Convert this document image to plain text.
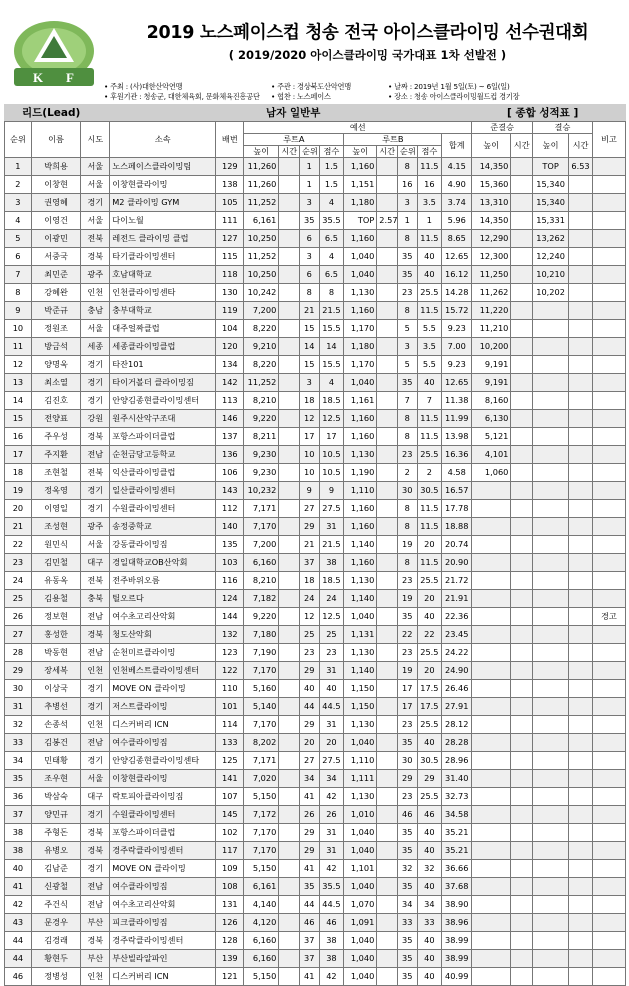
K F
2019 노스페이스컵 청송 전국 아이스클라이밍 선수권대회
( 2019/2020 아이스클라이밍 국가대표 1차 선발전 )
• 주최 : (사)대한산악연맹	• 주관 : 경상북도산악연맹	• 날짜 : 2019년 1월 5일(토) ~ 6일(일)
• 후원기관 : 청송군, 대한체육회, 문화체육진흥공단 • 협찬 : 노스페이스	• 장소 : 청송 아이스클라이밍월드컵 경기장
리드(Lead)	남자 일반부	[ 종합 성적표 ]
순위	이름	시도	소속	배번	예선									준결승		결승		비고
					루트A				루트B				합계	높이	시간	높이	시간	
					높이	시간	순위	점수	높이	시간	순위	점수						
1	박희용	서울	노스페이스클라이밍팀	129	11,260		1	1.5	1,160		8	11.5	4.15	14,350		TOP	6.53	
2	이창현	서울	이창현클라이밍	138	11,260		1	1.5	1,151		16	16	4.90	15,360		15,340		
3	권영혜	경기	M2 클라이밍 GYM	105	11,252		3	4	1,180		3	3.5	3.74	13,310		15,340		
4	이영건	서울	다이노월	111	6,161		35	35.5	TOP	2.57	1	1	5.96	14,350		15,331		
5	이광민	전북	레전드 클라이밍 클럽	127	10,250		6	6.5	1,160		8	11.5	8.65	12,290		13,262		
6	서중국	경북	타기클라이밍센터	115	11,252		3	4	1,040		35	40	12.65	12,300		12,240		
7	최민준	광주	호남대학교	118	10,250		6	6.5	1,040		35	40	16.12	11,250		10,210		
8	강혜완	인천	인천클라이밍센타	130	10,242		8	8	1,130		23	25.5	14.28	11,262		10,202		
9	박준규	충남	충부대학교	119	7,200		21	21.5	1,160		8	11.5	15.72	11,220				
10	정원조	서울	대주얼짜클럽	104	8,220		15	15.5	1,170		5	5.5	9.23	11,210				
11	방금석	세종	세종클라이밍클럽	120	9,210		14	14	1,180		3	3.5	7.00	10,200				
12	양명욱	경기	타잔101	134	8,220		15	15.5	1,170		5	5.5	9.23	9,191				
13	최소열	경기	타이거볼더 클라이밍짐	142	11,252		3	4	1,040		35	40	12.65	9,191				
14	김진호	경기	안양김종현클라이밍센터	113	8,210		18	18.5	1,161		7	7	11.38	8,160				
15	전양표	강원	원주시산악구조대	146	9,220		12	12.5	1,160		8	11.5	11.99	6,130				
16	주우성	경북	포항스파이더클럽	137	8,211		17	17	1,160		8	11.5	13.98	5,121				
17	주지환	전남	순천금당고등학교	136	9,230		10	10.5	1,130		23	25.5	16.36	4,101				
18	조현철	전북	익산클라이밍클럽	106	9,230		10	10.5	1,190		2	2	4.58	1,060				
19	정옥영	경기	일산클라이밍센터	143	10,232		9	9	1,110		30	30.5	16.57					
20	이영일	경기	수원클라이밍센터	112	7,171		27	27.5	1,160		8	11.5	17.78					
21	조성현	광주	송정중학교	140	7,170		29	31	1,160		8	11.5	18.88					
22	원민식	서울	강동클라이밍짐	135	7,200		21	21.5	1,140		19	20	20.74					
23	김민철	대구	경일대학교OB산악회	103	6,160		37	38	1,160		8	11.5	20.90					
24	유동옥	전북	전주바위오름	116	8,210		18	18.5	1,130		23	25.5	21.72					
25	김용철	충북	틸오르다	124	7,182		24	24	1,140		19	20	21.91					
26	정보현	전남	여수초고리산악회	144	9,220		12	12.5	1,040		35	40	22.36					경고
27	홍성한	경북	청도산악회	132	7,180		25	25	1,131		22	22	23.45					
28	박동현	전남	순천미르클라이밍	123	7,190		23	23	1,130		23	25.5	24.22					
29	장세복	인천	인천베스트클라이밍센터	122	7,170		29	31	1,140		19	20	24.90					
30	이상국	경기	MOVE ON 클라이밍	110	5,160		40	40	1,150		17	17.5	26.46					
31	추병선	경기	저스트클라이밍	101	5,140		44	44.5	1,150		17	17.5	27.91					
32	손종석	인천	디스커버리 ICN	114	7,170		29	31	1,130		23	25.5	28.12					
33	김봉건	전남	여수클라이밍짐	133	8,202		20	20	1,040		35	40	28.28					
34	민태황	경기	안양김종현클라이밍센타	125	7,171		27	27.5	1,110		30	30.5	28.96					
35	조우현	서울	이창현클라이밍	141	7,020		34	34	1,111		29	29	31.40					
36	박삼숙	대구	락토피아클라이밍짐	107	5,150		41	42	1,130		23	25.5	32.73					
37	양민규	경기	수원클라이밍센터	145	7,172		26	26	1,010		46	46	34.58					
38	주형돈	경북	포항스파이더클럽	102	7,170		29	31	1,040		35	40	35.21					
38	유병오	경북	경주락클라이밍센터	117	7,170		29	31	1,040		35	40	35.21					
40	김남준	경기	MOVE ON 클라이밍	109	5,150		41	42	1,101		32	32	36.66					
41	신광철	전남	여수클라이밍짐	108	6,161		35	35.5	1,040		35	40	37.68					
42	주건식	전남	여수초고리산악회	131	4,140		44	44.5	1,070		34	34	38.90					
43	문경우	부산	피크클라이밍짐	126	4,120		46	46	1,091		33	33	38.96					
44	김경래	경북	경주락클라이밍센터	128	6,160		37	38	1,040		35	40	38.99					
44	황현두	부산	부산빌라알파인	139	6,160		37	38	1,040		35	40	38.99					
46	정병성	인천	디스커버리 ICN	121	5,150		41	42	1,040		35	40	40.99					
